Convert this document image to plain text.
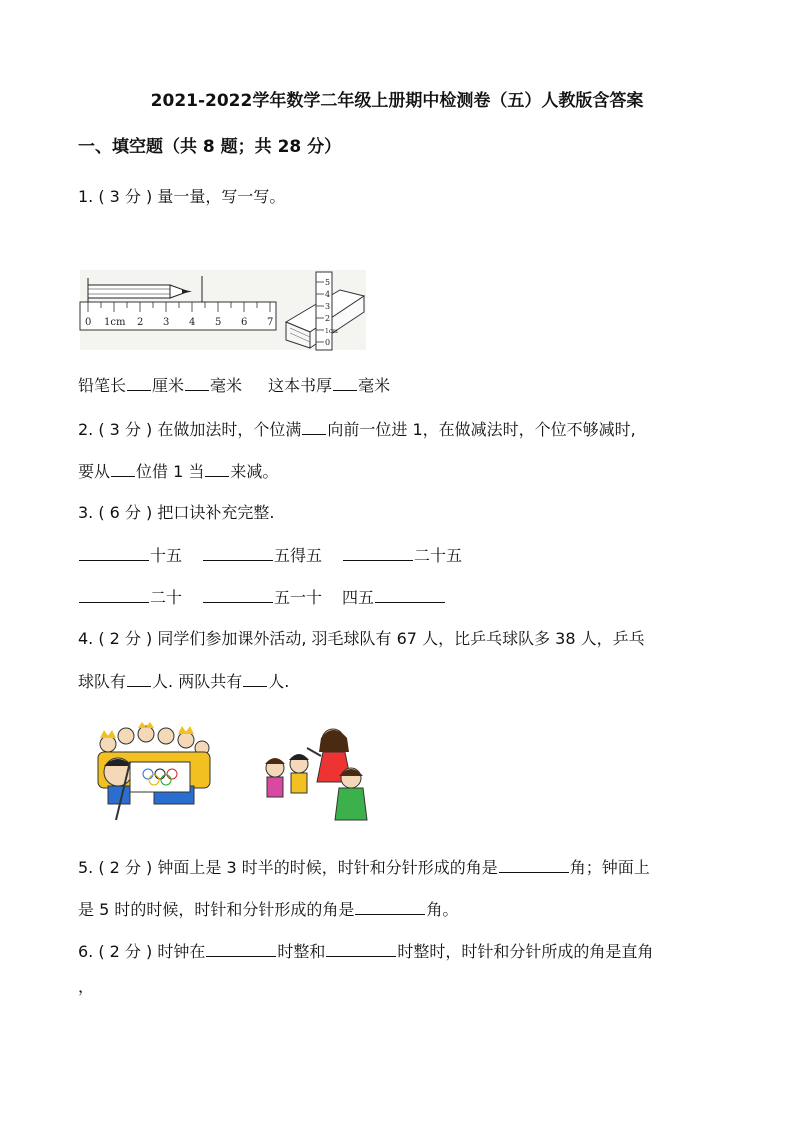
2021-2022学年数学二年级上册期中检测卷（五）人教版含答案
一、填空题（共 8 题；共 28 分）
1. ( 3 分 ) 量一量，写一写。
0 1cm 2 3 4 5 6 7
0
1cm
2
3
4
5
铅笔长 厘米 毫米 这本书厚 毫米
2. ( 3 分 ) 在做加法时，个位满 向前一位进 1，在做减法时，个位不够减时,
要从 位借 1 当 来减。
3. ( 6 分 ) 把口诀补充完整.
十五	五得五	二十五
二十	五一十 四五
4. ( 2 分 ) 同学们参加课外活动, 羽毛球队有 67 人，比乒乓球队多 38 人，乒乓
球队有 人. 两队共有 人.
5. ( 2 分 ) 钟面上是 3 时半的时候，时针和分针形成的角是	角；钟面上
是 5 时的时候，时针和分针形成的角是	角。
6. ( 2 分 ) 时钟在	时整和	时整时，时针和分针所成的角是直角
，
